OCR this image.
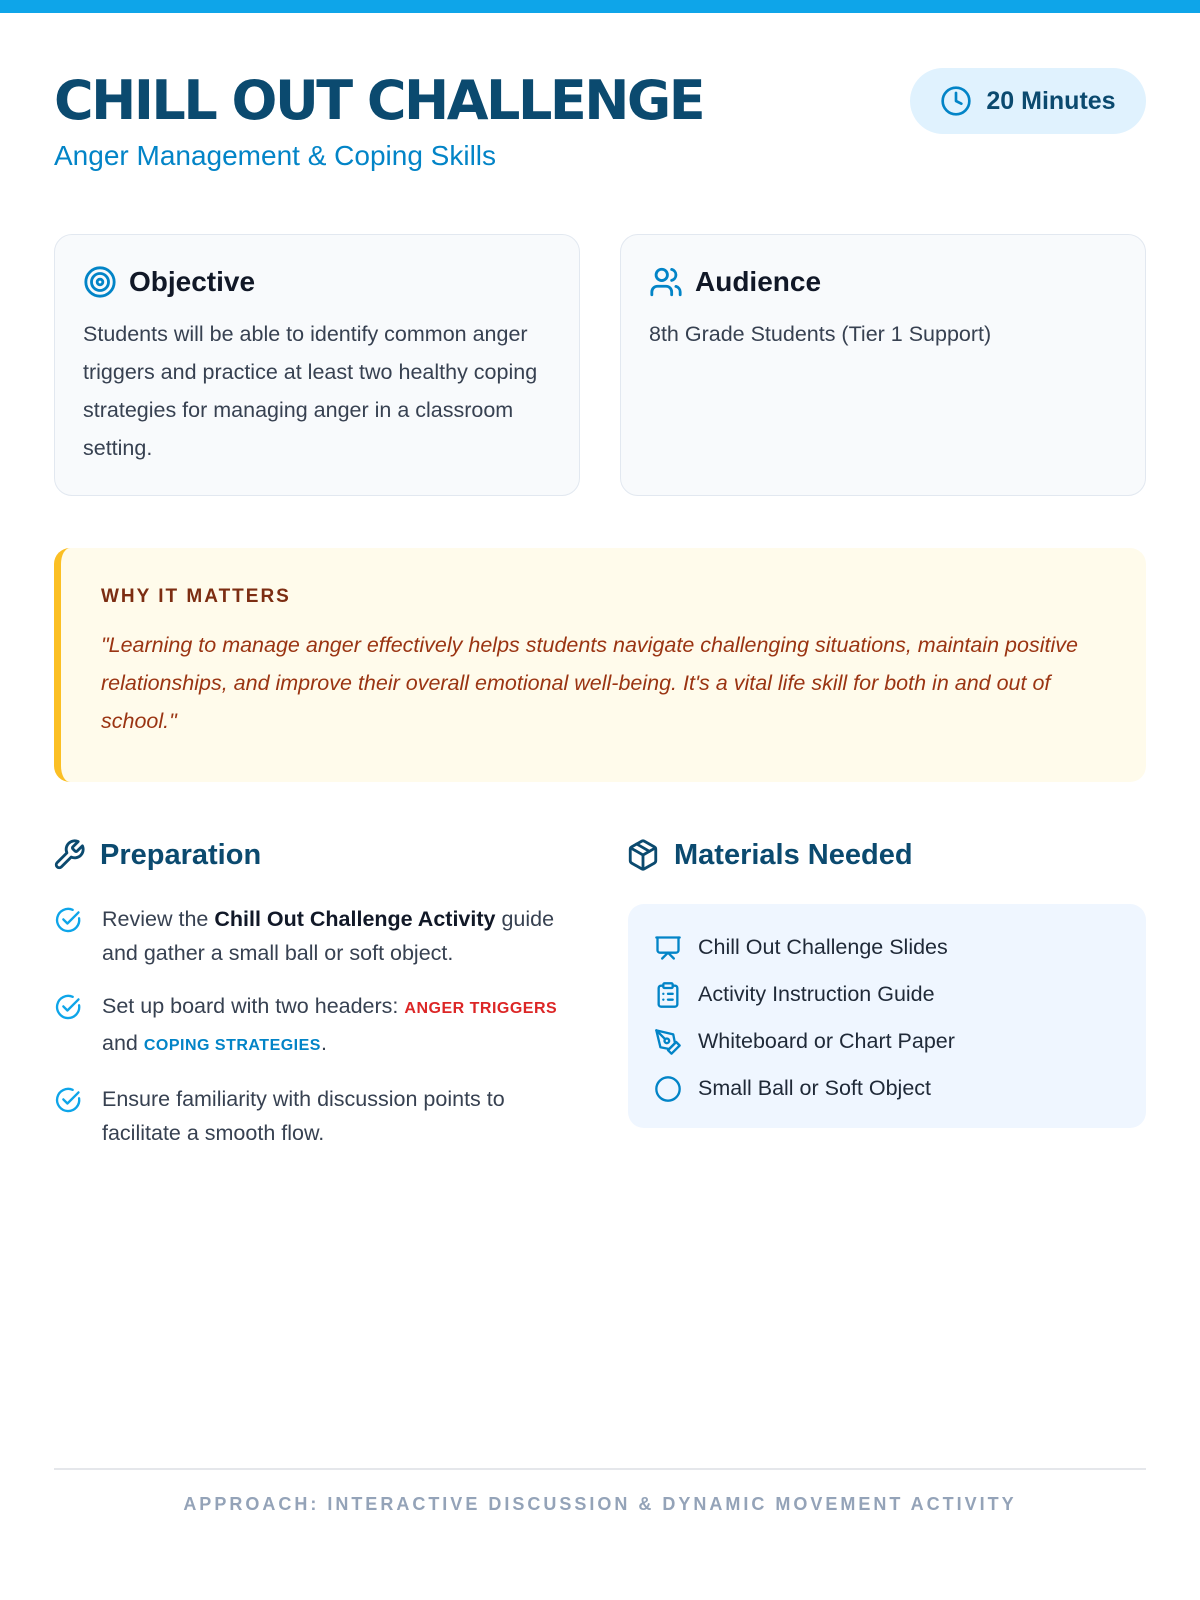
CHILL OUT CHALLENGE
Anger Management & Coping Skills
20 Minutes
Objective

Students will be able to identify common anger triggers and practice at least two healthy coping strategies for managing anger in a classroom setting.

Audience

8th Grade Students (Tier 1 Support)

WHY IT MATTERS

"Learning to manage anger effectively helps students navigate challenging situations, maintain positive relationships, and improve their overall emotional well-being. It's a vital life skill for both in and out of school."

Preparation
Review the Chill Out Challenge Activity guide and gather a small ball or soft object.
Set up board with two headers: ANGER TRIGGERS and COPING STRATEGIES.
Ensure familiarity with discussion points to facilitate a smooth flow.
Materials Needed
Chill Out Challenge Slides
Activity Instruction Guide
Whiteboard or Chart Paper
Small Ball or Soft Object
APPROACH: INTERACTIVE DISCUSSION & DYNAMIC MOVEMENT ACTIVITY
